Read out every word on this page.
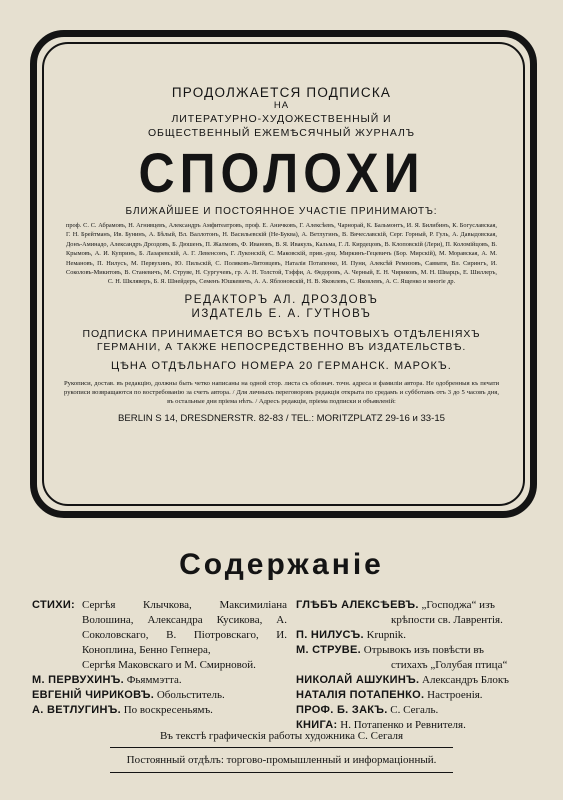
ПРОДОЛЖАЕТСЯ ПОДПИСКА
НА
ЛИТЕРАТУРНО-ХУДОЖЕСТВЕННЫЙ И
ОБЩЕСТВЕННЫЙ ЕЖЕМѢСЯЧНЫЙ ЖУРНАЛЪ
СПОЛОХИ
БЛИЖАЙШЕЕ И ПОСТОЯННОЕ УЧАСТІЕ ПРИНИМАЮТЪ:
проф. С. С. Абрамовъ, Н. Агнивцевъ, Александръ Амфитеатровъ, проф. Е. Аничковъ, Г. Алексѣевъ, Чарнорай, К. Бальмонтъ, И. Я. Билибинъ, К. Богуславская, Г. Н. Брейтманъ, Ив. Бунинъ, А. Бѣлый, Вл. Валлотонъ, Н. Васильевскій (Не-Буква), А. Ветлугинъ, В. Вячеславскій, Серг. Горный, Р. Гуль, А. Давыдовская, Донъ-Аминадо, Александръ Дроздовъ, Б. Дюшенъ, П. Жалмовъ, Ф. Ивановъ, В. Я. Ивакуль, Кальма, Г. Л. Кирдецовъ, В. Клоповскій (Лери), П. Коломійцовъ, В. Крымовъ, А. И. Купринъ, Б. Лазаревскій, А. Г. Левенсонъ, Г. Луконскій, С. Маковскій, прив.-доц. Миркинъ-Гецевичъ (Бор. Мирскій), М. Моравская, А. М. Немановъ, П. Нилусъ, М. Первухинъ, Ю. Пильскій, С. Поляковъ-Литовцевъ, Наталія Потапенко, И. Пуни, Алексѣй Ремизовъ, Саввати, Вл. Сирингъ, И. Соколовъ-Микитовъ, В. Станевичъ, М. Струве, Н. Сургучевъ, гр. А. Н. Толстой, Тэффи, А. Ѳедоровъ, А. Черный, Е. Н. Чириковъ, М. Н. Шварцъ, Е. Шиллеръ, С. Н. Шкляверъ, Б. Я. Шнейдеръ, Семенъ Юшкевичъ, А. А. Яблоновскій, Н. В. Яковлевъ, С. Яковлевъ, А. С. Ященко и многіе др.
РЕДАКТОРЪ АЛ. ДРОЗДОВЪ
ИЗДАТЕЛЬ Е. А. ГУТНОВЪ
ПОДПИСКА ПРИНИМАЕТСЯ ВО ВСѢХЪ ПОЧТОВЫХЪ ОТДѢЛЕНІЯХЪ
ГЕРМАНІИ, А ТАКЖЕ НЕПОСРЕДСТВЕННО ВЪ ИЗДАТЕЛЬСТВѢ.
ЦѢНА ОТДѢЛЬНАГО НОМЕРА 20 ГЕРМАНСК. МАРОКЪ.
Рукописи, достав. въ редакцію, должны быть четко написаны на одной стор. листа съ обознач. точн. адреса и фамиліи автора. Не одобренныя къ печати рукописи возвращаются по востребованію за счетъ автора. / Для личныхъ переговоровъ редакція открыта по средамъ и субботамъ отъ 3 до 5 часовъ дня, въ остальные дни пріема нѣтъ. / Адресъ редакціи, пріема подписки и объявленій:
BERLIN S 14, DRESDNERSTR. 82-83 / TEL.: MORITZPLATZ 29-16 и 33-15
Содержаніе
СТИХИ: Сергѣя Клычкова, Максимиліана Волошина, Александра Кусикова, А. Соколовскаго, В. Піотровскаго, И. Коноплина, Бенно Гепнера,
Сергѣя Маковскаго и М. Смирновой.
М. ПЕРВУХИНЪ. Фьяммэтта.
ЕВГЕНІЙ ЧИРИКОВЪ. Обольститель.
А. ВЕТЛУГИНЪ. По воскресеньямъ.
ГЛѢБЪ АЛЕКСѢЕВЪ. „Господжа“ изъ
крѣпости св. Лаврентія.
П. НИЛУСЪ. Krupnik.
М. СТРУВЕ. Отрывокъ изъ повѣсти въ
стихахъ „Голубая птица“
НИКОЛАЙ АШУКИНЪ. Александръ Блокъ
НАТАЛІЯ ПОТАПЕНКО. Настроенія.
ПРОФ. Б. ЗАКЪ. С. Сегаль.
КНИГА: Н. Потапенко и Ревнителя.
Въ текстѣ графическія работы художника С. Сегаля
Постоянный отдѣлъ: торгово-промышленный и информаціонный.
